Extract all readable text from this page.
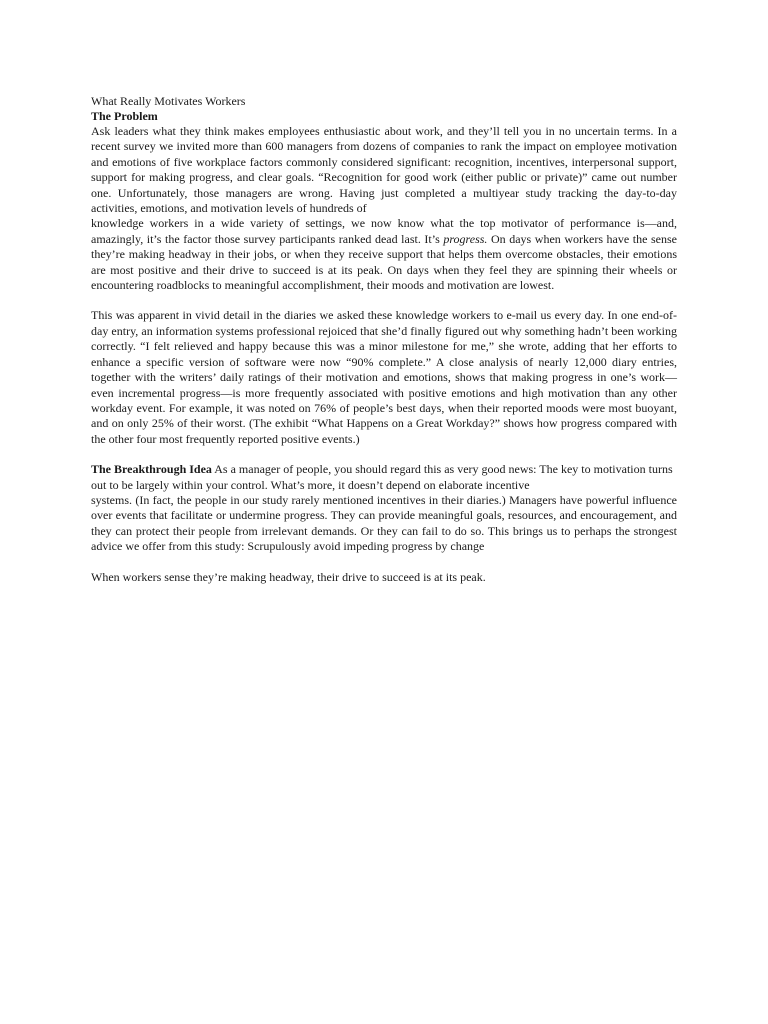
What Really Motivates Workers
The Problem

Ask leaders what they think makes employees enthusiastic about work, and they’ll tell you in no uncertain terms. In a recent survey we invited more than 600 managers from dozens of companies to rank the impact on employee motivation and emotions of five workplace factors commonly considered significant: recognition, incentives, interpersonal support, support for making progress, and clear goals. “Recognition for good work (either public or private)” came out number one. Unfortunately, those managers are wrong. Having just completed a multiyear study tracking the day-to-day activities, emotions, and motivation levels of hundreds of

knowledge workers in a wide variety of settings, we now know what the top motivator of performance is—and, amazingly, it’s the factor those survey participants ranked dead last. It’s progress. On days when workers have the sense they’re making headway in their jobs, or when they receive support that helps them overcome obstacles, their emotions are most positive and their drive to succeed is at its peak. On days when they feel they are spinning their wheels or encountering roadblocks to meaningful accomplishment, their moods and motivation are lowest.

This was apparent in vivid detail in the diaries we asked these knowledge workers to e-mail us every day. In one end-of-day entry, an information systems professional rejoiced that she’d finally figured out why something hadn’t been working correctly. “I felt relieved and happy because this was a minor milestone for me,” she wrote, adding that her efforts to enhance a specific version of software were now “90% complete.” A close analysis of nearly 12,000 diary entries, together with the writers’ daily ratings of their motivation and emotions, shows that making progress in one’s work— even incremental progress—is more frequently associated with positive emotions and high motivation than any other workday event. For example, it was noted on 76% of people’s best days, when their reported moods were most buoyant, and on only 25% of their worst. (The exhibit “What Happens on a Great Workday?” shows how progress compared with the other four most frequently reported positive events.)

The Breakthrough Idea As a manager of people, you should regard this as very good news: The key to motivation turns out to be largely within your control. What’s more, it doesn’t depend on elaborate incentive

systems. (In fact, the people in our study rarely mentioned incentives in their diaries.) Managers have powerful influence over events that facilitate or undermine progress. They can provide meaningful goals, resources, and encouragement, and they can protect their people from irrelevant demands. Or they can fail to do so. This brings us to perhaps the strongest advice we offer from this study: Scrupulously avoid impeding progress by change

When workers sense they’re making headway, their drive to succeed is at its peak.
